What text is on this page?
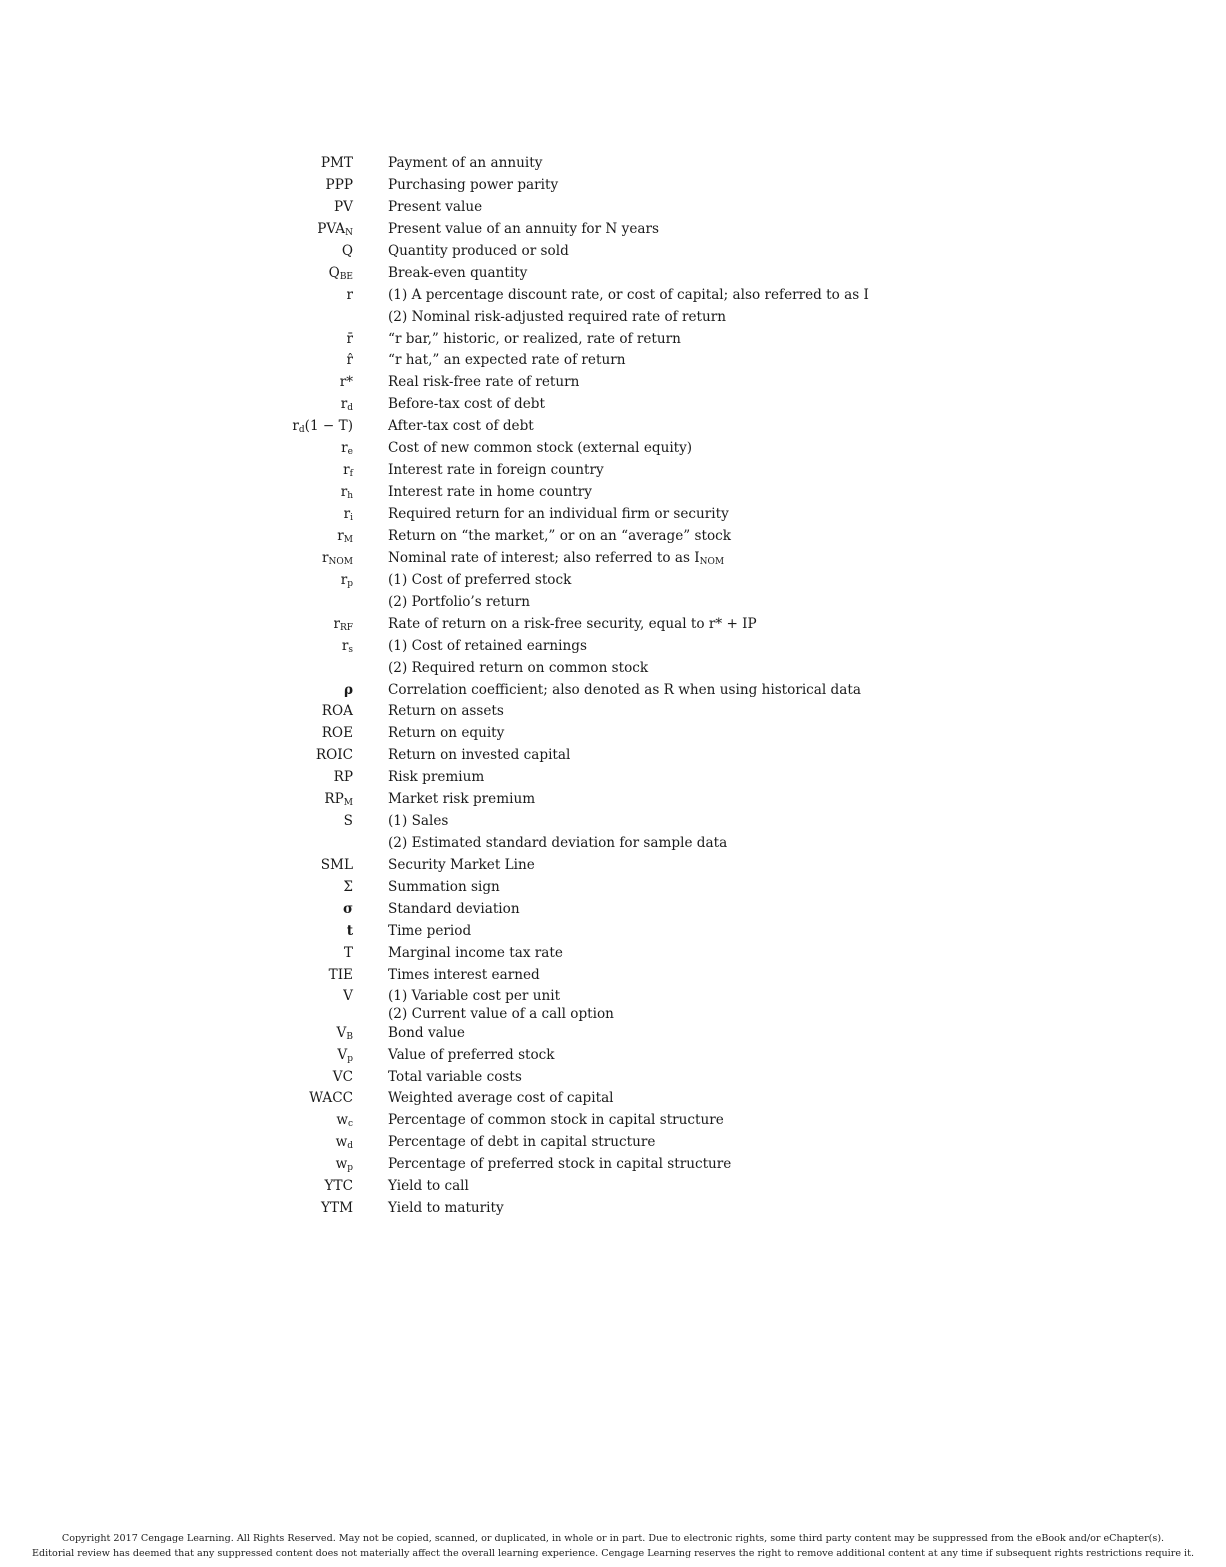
PMT	Payment of an annuity
PPP	Purchasing power parity
PV	Present value
$PVA_N$	Present value of an annuity for N years
Q	Quantity produced or sold
$Q_{BE}$	Break-even quantity
r	(1) A percentage discount rate, or cost of capital; also referred to as I
(2) Nominal risk-adjusted required rate of return
r̄	“r bar,” historic, or realized, rate of return
r̂	“r hat,” an expected rate of return
r*	Real risk-free rate of return
$r_d$	Before-tax cost of debt
$r_d(1 - T)$	After-tax cost of debt
$r_e$	Cost of new common stock (external equity)
$r_f$	Interest rate in foreign country
$r_h$	Interest rate in home country
$r_i$	Required return for an individual firm or security
$r_M$	Return on “the market,” or on an “average” stock
$r_{NOM}$	Nominal rate of interest; also referred to as $I_{NOM}$
$r_p$	(1) Cost of preferred stock
(2) Portfolio’s return
$r_{RF}$	Rate of return on a risk-free security, equal to r* + IP
$r_s$	(1) Cost of retained earnings
(2) Required return on common stock
ρ	Correlation coefficient; also denoted as R when using historical data
ROA	Return on assets
ROE	Return on equity
ROIC	Return on invested capital
RP	Risk premium
$RP_M$	Market risk premium
S	(1) Sales
(2) Estimated standard deviation for sample data
SML	Security Market Line
Σ	Summation sign
σ	Standard deviation
t	Time period
T	Marginal income tax rate
TIE	Times interest earned
V	(1) Variable cost per unit
(2) Current value of a call option
$V_B$	Bond value
$V_p$	Value of preferred stock
VC	Total variable costs
WACC	Weighted average cost of capital
$w_c$	Percentage of common stock in capital structure
$w_d$	Percentage of debt in capital structure
$w_p$	Percentage of preferred stock in capital structure
YTC	Yield to call
YTM	Yield to maturity
Copyright 2017 Cengage Learning. All Rights Reserved. May not be copied, scanned, or duplicated, in whole or in part. Due to electronic rights, some third party content may be suppressed from the eBook and/or eChapter(s).
Editorial review has deemed that any suppressed content does not materially affect the overall learning experience. Cengage Learning reserves the right to remove additional content at any time if subsequent rights restrictions require it.
